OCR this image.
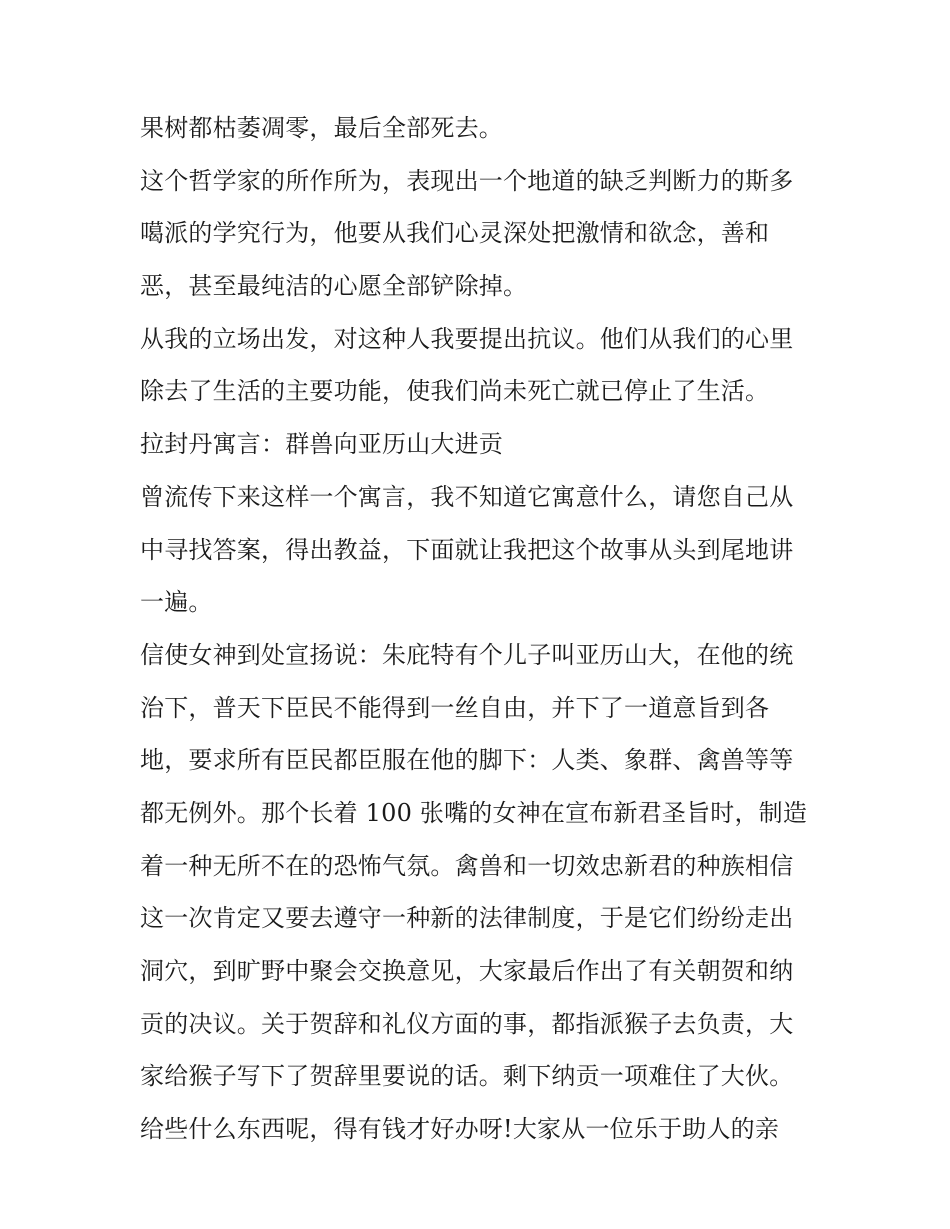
果树都枯萎凋零，最后全部死去。
这个哲学家的所作所为，表现出一个地道的缺乏判断力的斯多
噶派的学究行为，他要从我们心灵深处把激情和欲念，善和
恶，甚至最纯洁的心愿全部铲除掉。
从我的立场出发，对这种人我要提出抗议。他们从我们的心里
除去了生活的主要功能，使我们尚未死亡就已停止了生活。
拉封丹寓言：群兽向亚历山大进贡
曾流传下来这样一个寓言，我不知道它寓意什么，请您自己从
中寻找答案，得出教益，下面就让我把这个故事从头到尾地讲
一遍。
信使女神到处宣扬说：朱庇特有个儿子叫亚历山大，在他的统
治下，普天下臣民不能得到一丝自由，并下了一道意旨到各
地，要求所有臣民都臣服在他的脚下：人类、象群、禽兽等等
都无例外。那个长着 100 张嘴的女神在宣布新君圣旨时，制造
着一种无所不在的恐怖气氛。禽兽和一切效忠新君的种族相信
这一次肯定又要去遵守一种新的法律制度，于是它们纷纷走出
洞穴，到旷野中聚会交换意见，大家最后作出了有关朝贺和纳
贡的决议。关于贺辞和礼仪方面的事，都指派猴子去负责，大
家给猴子写下了贺辞里要说的话。剩下纳贡一项难住了大伙。
给些什么东西呢，得有钱才好办呀!大家从一位乐于助人的亲
